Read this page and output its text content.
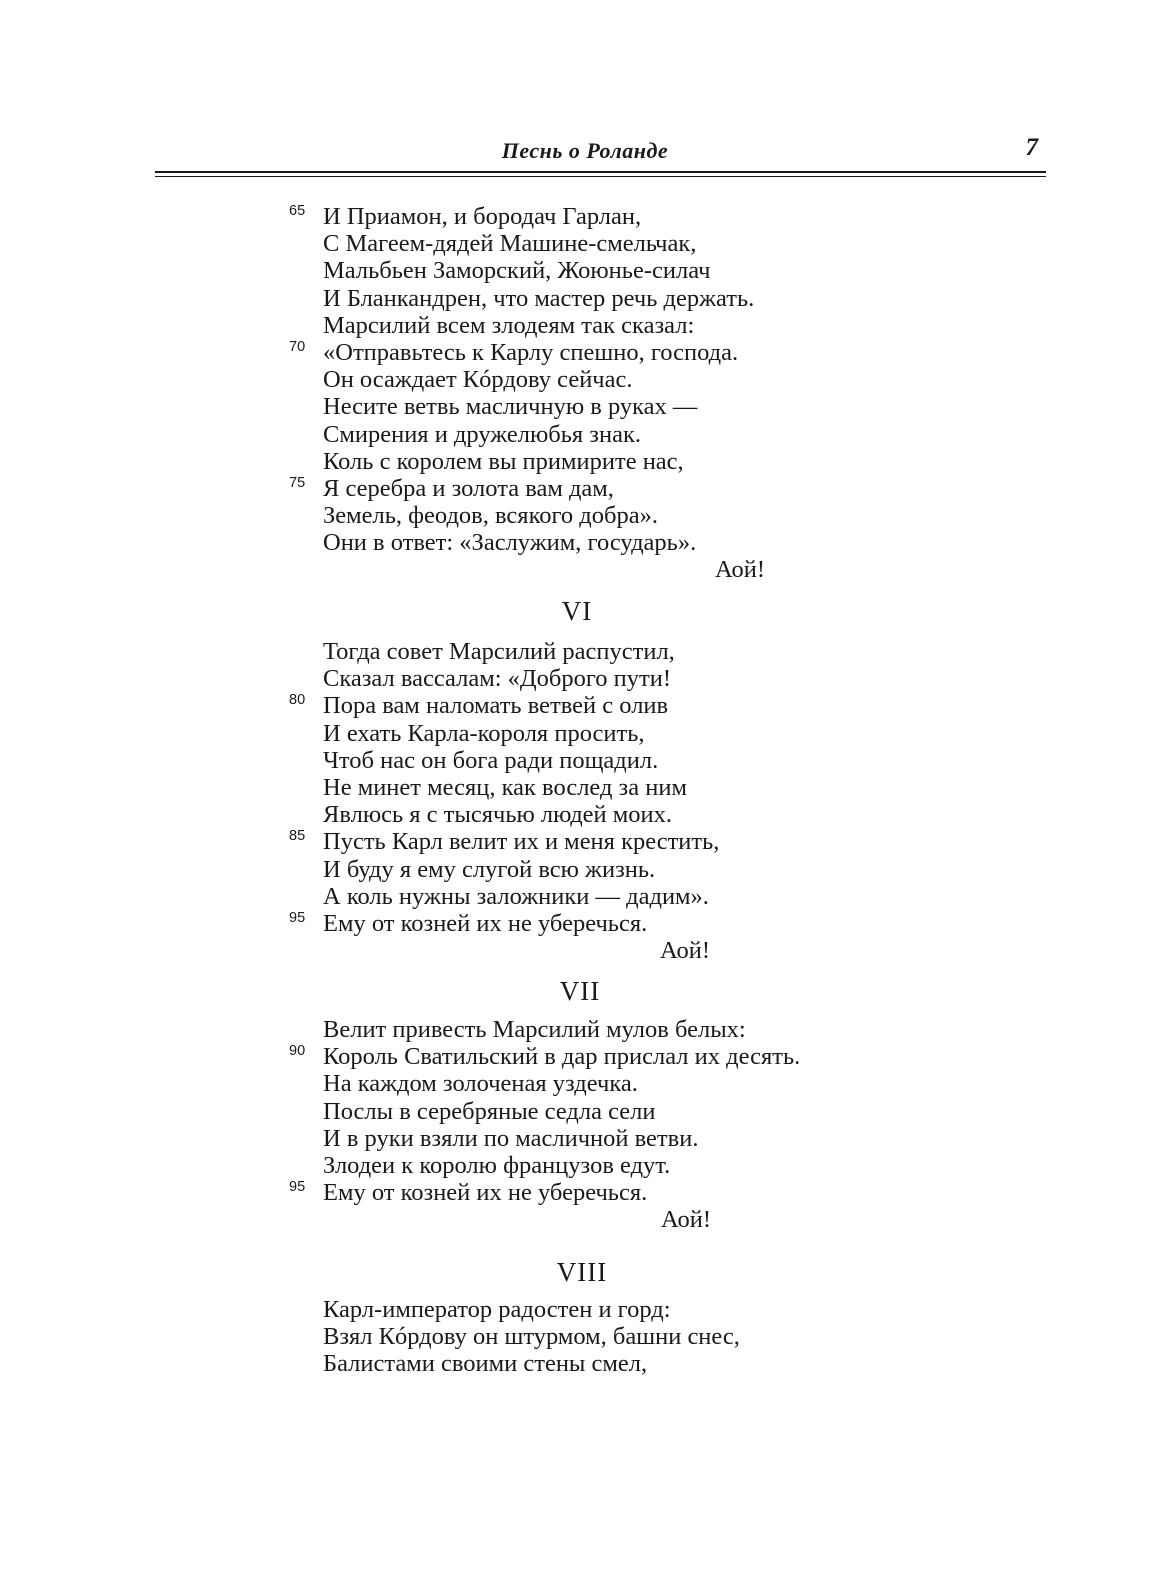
Песнь о Роланде	7
65 И Приамон, и бородач Гарлан,
С Магеем-дядей Машине-смельчак,
Мальбьен Заморский, Жоюнье-силач
И Бланкандрен, что мастер речь держать.
Марсилий всем злодеям так сказал:
70 «Отправьтесь к Карлу спешно, господа.
Он осаждает Кóрдову сейчас.
Несите ветвь масличную в руках —
Смирения и дружелюбья знак.
Коль с королем вы примирите нас,
75 Я серебра и золота вам дам,
Земель, феодов, всякого добра».
Они в ответ: «Заслужим, государь».
Аой!
VI
Тогда совет Марсилий распустил,
Сказал вассалам: «Доброго пути!
80 Пора вам наломать ветвей с олив
И ехать Карла-короля просить,
Чтоб нас он бога ради пощадил.
Не минет месяц, как вослед за ним
Явлюсь я с тысячью людей моих.
85 Пусть Карл велит их и меня крестить,
И буду я ему слугой всю жизнь.
А коль нужны заложники — дадим».
95 Ему от козней их не уберечься.
Аой!
VII
Велит привесть Марсилий мулов белых:
90 Король Сватильский в дар прислал их десять.
На каждом золоченая уздечка.
Послы в серебряные седла сели
И в руки взяли по масличной ветви.
Злодеи к королю французов едут.
95 Ему от козней их не уберечься.
Аой!
VIII
Карл-император радостен и горд:
Взял Кóрдову он штурмом, башни снес,
Балистами своими стены смел,
